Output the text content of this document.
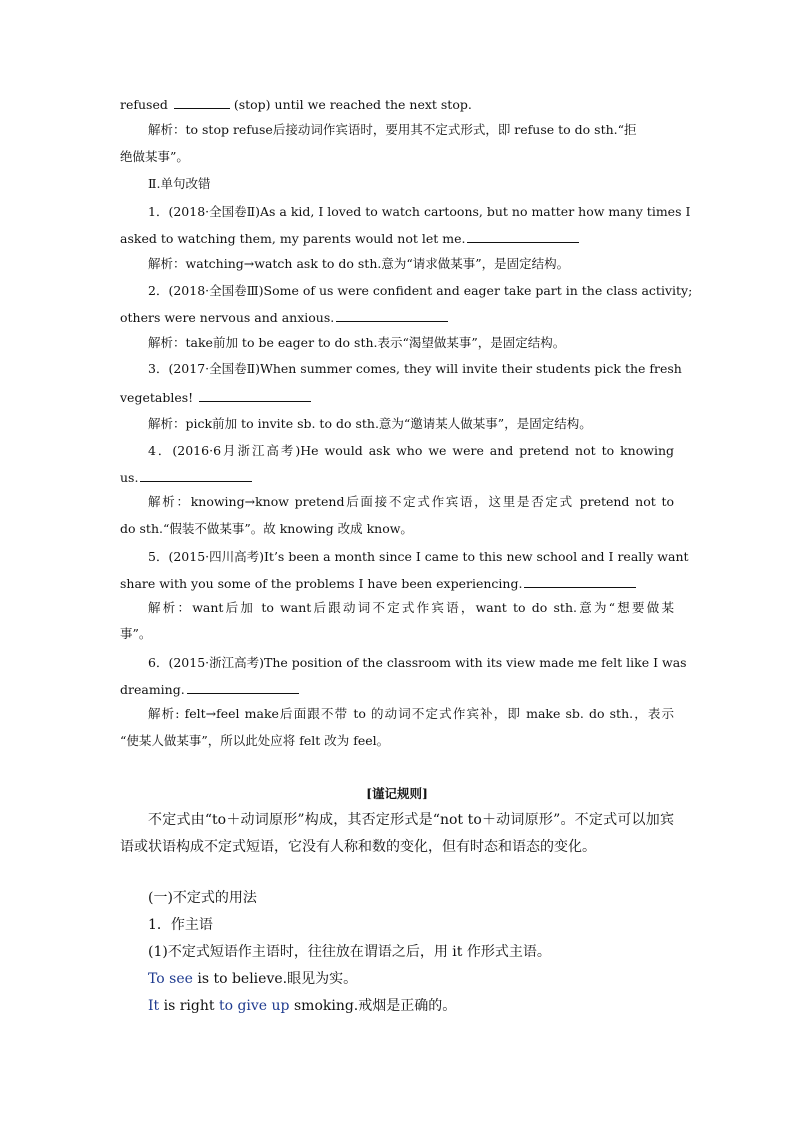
refused	(stop) until we reached the next stop.
解析：to stop refuse后接动词作宾语时，要用其不定式形式，即 refuse to do sth.“拒
绝做某事”。
Ⅱ.单句改错
1．(2018·全国卷Ⅱ)As a kid, I loved to watch cartoons, but no matter how many times I
asked to watching them, my parents would not let me.
解析：watching→watch ask to do sth.意为“请求做某事”，是固定结构。
2．(2018·全国卷Ⅲ)Some of us were confident and eager take part in the class activity;
others were nervous and anxious.
解析：take前加 to be eager to do sth.表示“渴望做某事”，是固定结构。
3．(2017·全国卷Ⅱ)When summer comes, they will invite their students pick the fresh
vegetables!
解析：pick前加 to invite sb. to do sth.意为“邀请某人做某事”，是固定结构。
4．(2016·6月浙江高考)He would ask who we were and pretend not to knowing
us.
解析：knowing→know pretend后面接不定式作宾语，这里是否定式 pretend not to
do sth.“假装不做某事”。故 knowing 改成 know。
5．(2015·四川高考)It’s been a month since I came to this new school and I really want
share with you some of the problems I have been experiencing.
解析：want后加 to want后跟动词不定式作宾语，want to do sth.意为“想要做某
事”。
6．(2015·浙江高考)The position of the classroom with its view made me felt like I was
dreaming.
解析: felt→feel make后面跟不带 to 的动词不定式作宾补，即 make sb. do sth.，表示
“使某人做某事”，所以此处应将 felt 改为 feel。
[谨记规则]
不定式由“to＋动词原形”构成，其否定形式是“not to＋动词原形”。不定式可以加宾
语或状语构成不定式短语，它没有人称和数的变化，但有时态和语态的变化。
(一)不定式的用法
1．作主语
(1)不定式短语作主语时，往往放在谓语之后，用 it 作形式主语。
To see is to believe.眼见为实。
It is right to give up smoking.戒烟是正确的。
